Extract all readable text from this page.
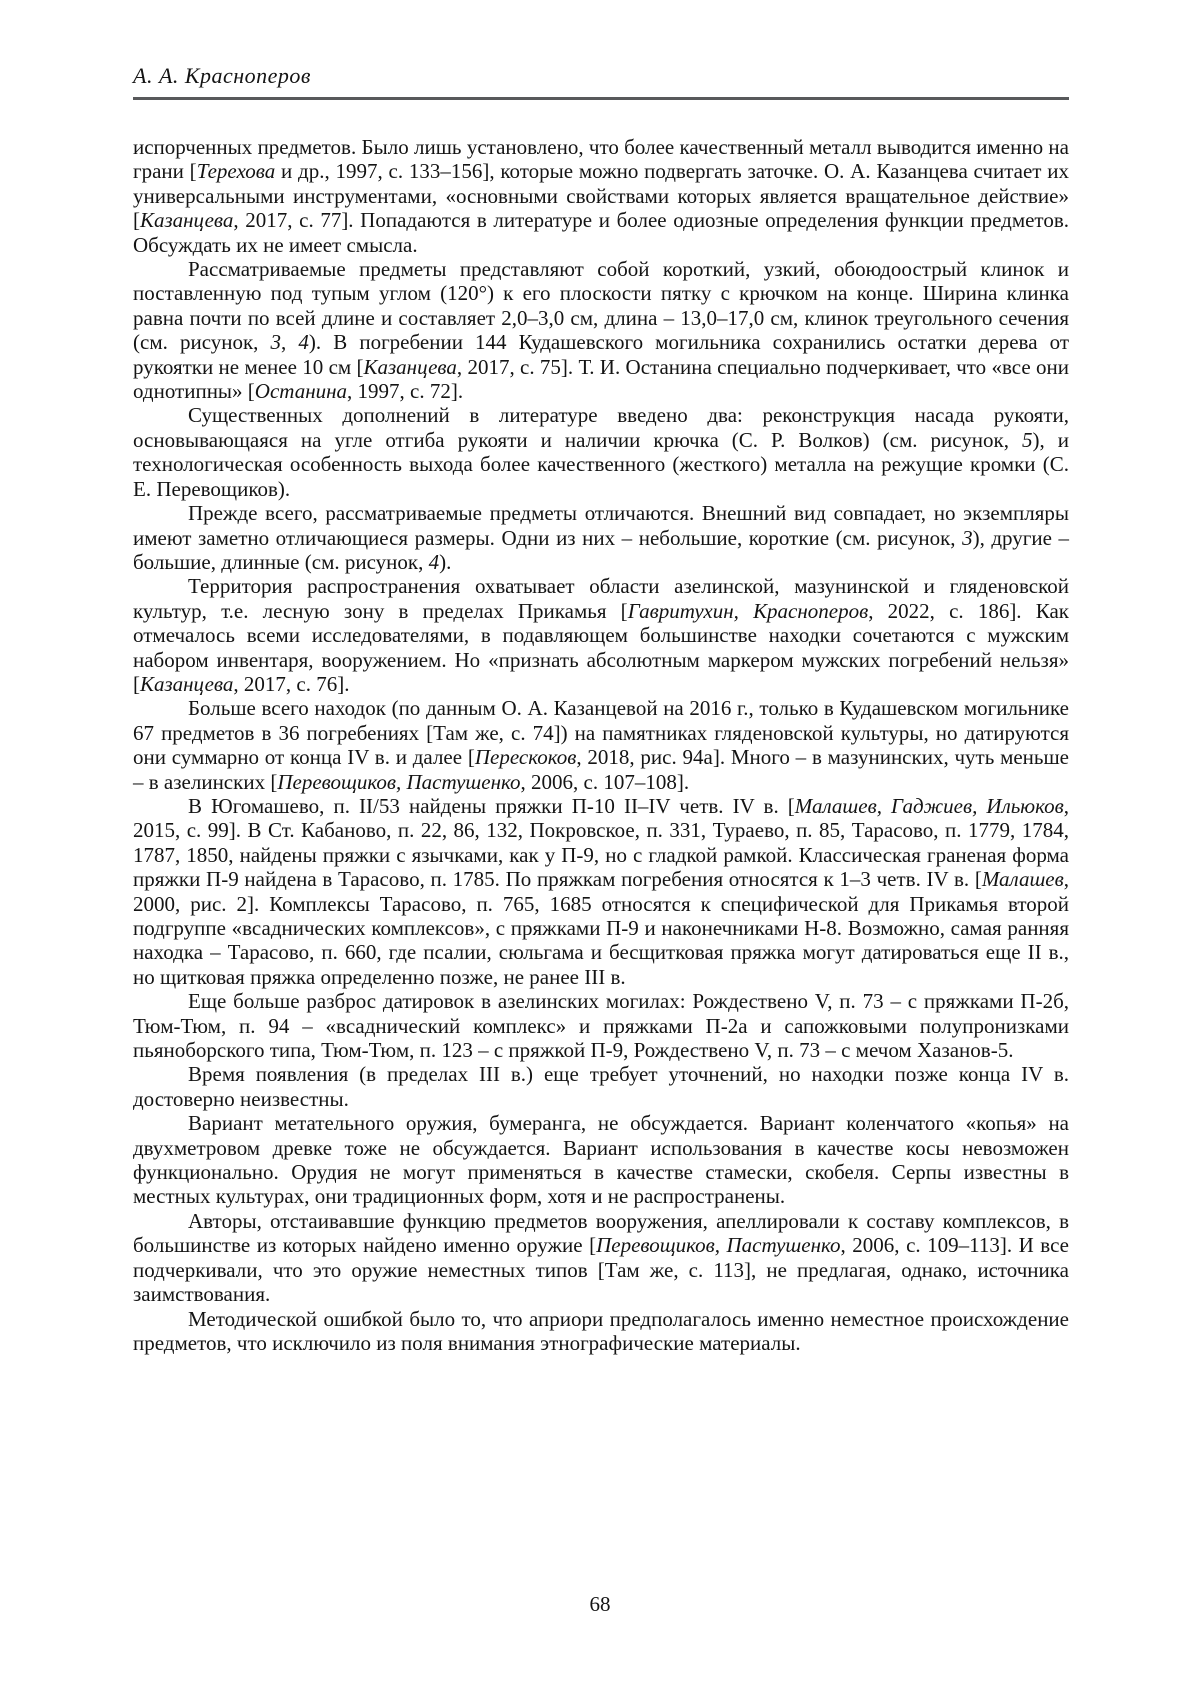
А. А. Красноперов

испорченных предметов. Было лишь установлено, что более качественный металл выводится именно на грани [Терехова и др., 1997, с. 133–156], которые можно подвергать заточке. О. А. Казанцева считает их универсальными инструментами, «основными свойствами которых является вращательное действие» [Казанцева, 2017, с. 77]. Попадаются в литературе и более одиозные определения функции предметов. Обсуждать их не имеет смысла.

Рассматриваемые предметы представляют собой короткий, узкий, обоюдоострый клинок и поставленную под тупым углом (120°) к его плоскости пятку с крючком на конце. Ширина клинка равна почти по всей длине и составляет 2,0–3,0 см, длина – 13,0–17,0 см, клинок треугольного сечения (см. рисунок, 3, 4). В погребении 144 Кудашевского могильника сохранились остатки дерева от рукоятки не менее 10 см [Казанцева, 2017, с. 75]. Т. И. Останина специально подчеркивает, что «все они однотипны» [Останина, 1997, с. 72].

Существенных дополнений в литературе введено два: реконструкция насада рукояти, основывающаяся на угле отгиба рукояти и наличии крючка (С. Р. Волков) (см. рисунок, 5), и технологическая особенность выхода более качественного (жесткого) металла на режущие кромки (С. Е. Перевощиков).

Прежде всего, рассматриваемые предметы отличаются. Внешний вид совпадает, но экземпляры имеют заметно отличающиеся размеры. Одни из них – небольшие, короткие (см. рисунок, 3), другие – большие, длинные (см. рисунок, 4).

Территория распространения охватывает области азелинской, мазунинской и гляденовской культур, т.е. лесную зону в пределах Прикамья [Гавритухин, Красноперов, 2022, с. 186]. Как отмечалось всеми исследователями, в подавляющем большинстве находки сочетаются с мужским набором инвентаря, вооружением. Но «признать абсолютным маркером мужских погребений нельзя» [Казанцева, 2017, с. 76].

Больше всего находок (по данным О. А. Казанцевой на 2016 г., только в Кудашевском могильнике 67 предметов в 36 погребениях [Там же, с. 74]) на памятниках гляденовской культуры, но датируются они суммарно от конца IV в. и далее [Перескоков, 2018, рис. 94а]. Много – в мазунинских, чуть меньше – в азелинских [Перевощиков, Пастушенко, 2006, с. 107–108].

В Югомашево, п. II/53 найдены пряжки П-10 II–IV четв. IV в. [Малашев, Гаджиев, Ильюков, 2015, с. 99]. В Ст. Кабаново, п. 22, 86, 132, Покровское, п. 331, Тураево, п. 85, Тарасово, п. 1779, 1784, 1787, 1850, найдены пряжки с язычками, как у П-9, но с гладкой рамкой. Классическая граненая форма пряжки П-9 найдена в Тарасово, п. 1785. По пряжкам погребения относятся к 1–3 четв. IV в. [Малашев, 2000, рис. 2]. Комплексы Тарасово, п. 765, 1685 относятся к специфической для Прикамья второй подгруппе «всаднических комплексов», с пряжками П-9 и наконечниками Н-8. Возможно, самая ранняя находка – Тарасово, п. 660, где псалии, сюльгама и бесщитковая пряжка могут датироваться еще II в., но щитковая пряжка определенно позже, не ранее III в.

Еще больше разброс датировок в азелинских могилах: Рождествено V, п. 73 – с пряжками П-2б, Тюм-Тюм, п. 94 – «всаднический комплекс» и пряжками П-2а и сапожковыми полупронизками пьяноборского типа, Тюм-Тюм, п. 123 – с пряжкой П-9, Рождествено V, п. 73 – с мечом Хазанов-5.

Время появления (в пределах III в.) еще требует уточнений, но находки позже конца IV в. достоверно неизвестны.

Вариант метательного оружия, бумеранга, не обсуждается. Вариант коленчатого «копья» на двухметровом древке тоже не обсуждается. Вариант использования в качестве косы невозможен функционально. Орудия не могут применяться в качестве стамески, скобеля. Серпы известны в местных культурах, они традиционных форм, хотя и не распространены.

Авторы, отстаивавшие функцию предметов вооружения, апеллировали к составу комплексов, в большинстве из которых найдено именно оружие [Перевощиков, Пастушенко, 2006, с. 109–113]. И все подчеркивали, что это оружие неместных типов [Там же, с. 113], не предлагая, однако, источника заимствования.

Методической ошибкой было то, что априори предполагалось именно неместное происхождение предметов, что исключило из поля внимания этнографические материалы.

68
